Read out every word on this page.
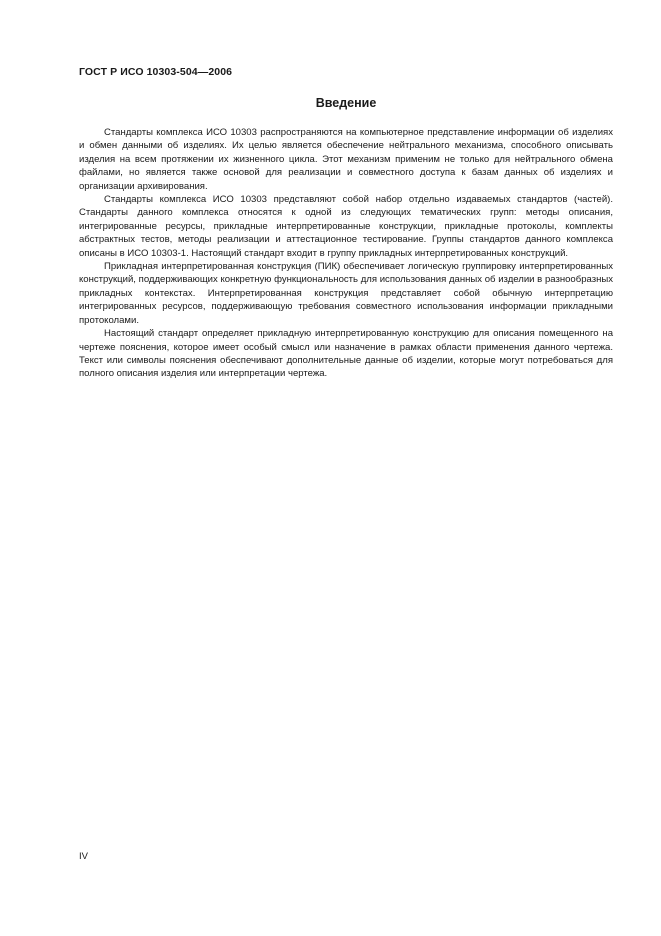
ГОСТ Р ИСО 10303-504—2006
Введение

Стандарты комплекса ИСО 10303 распространяются на компьютерное представление информации об изделиях и обмен данными об изделиях. Их целью является обеспечение нейтрального механизма, способного описывать изделия на всем протяжении их жизненного цикла. Этот механизм применим не только для нейтрального обмена файлами, но является также основой для реализации и совместного доступа к базам данных об изделиях и организации архивирования.

Стандарты комплекса ИСО 10303 представляют собой набор отдельно издаваемых стандартов (частей). Стандарты данного комплекса относятся к одной из следующих тематических групп: методы описания, интегрированные ресурсы, прикладные интерпретированные конструкции, прикладные протоколы, комплекты абстрактных тестов, методы реализации и аттестационное тестирование. Группы стандартов данного комплекса описаны в ИСО 10303-1. Настоящий стандарт входит в группу прикладных интерпретированных конструкций.

Прикладная интерпретированная конструкция (ПИК) обеспечивает логическую группировку интерпретированных конструкций, поддерживающих конкретную функциональность для использования данных об изделии в разнообразных прикладных контекстах. Интерпретированная конструкция представляет собой обычную интерпретацию интегрированных ресурсов, поддерживающую требования совместного использования информации прикладными протоколами.

Настоящий стандарт определяет прикладную интерпретированную конструкцию для описания помещенного на чертеже пояснения, которое имеет особый смысл или назначение в рамках области применения данного чертежа. Текст или символы пояснения обеспечивают дополнительные данные об изделии, которые могут потребоваться для полного описания изделия или интерпретации чертежа.

IV
